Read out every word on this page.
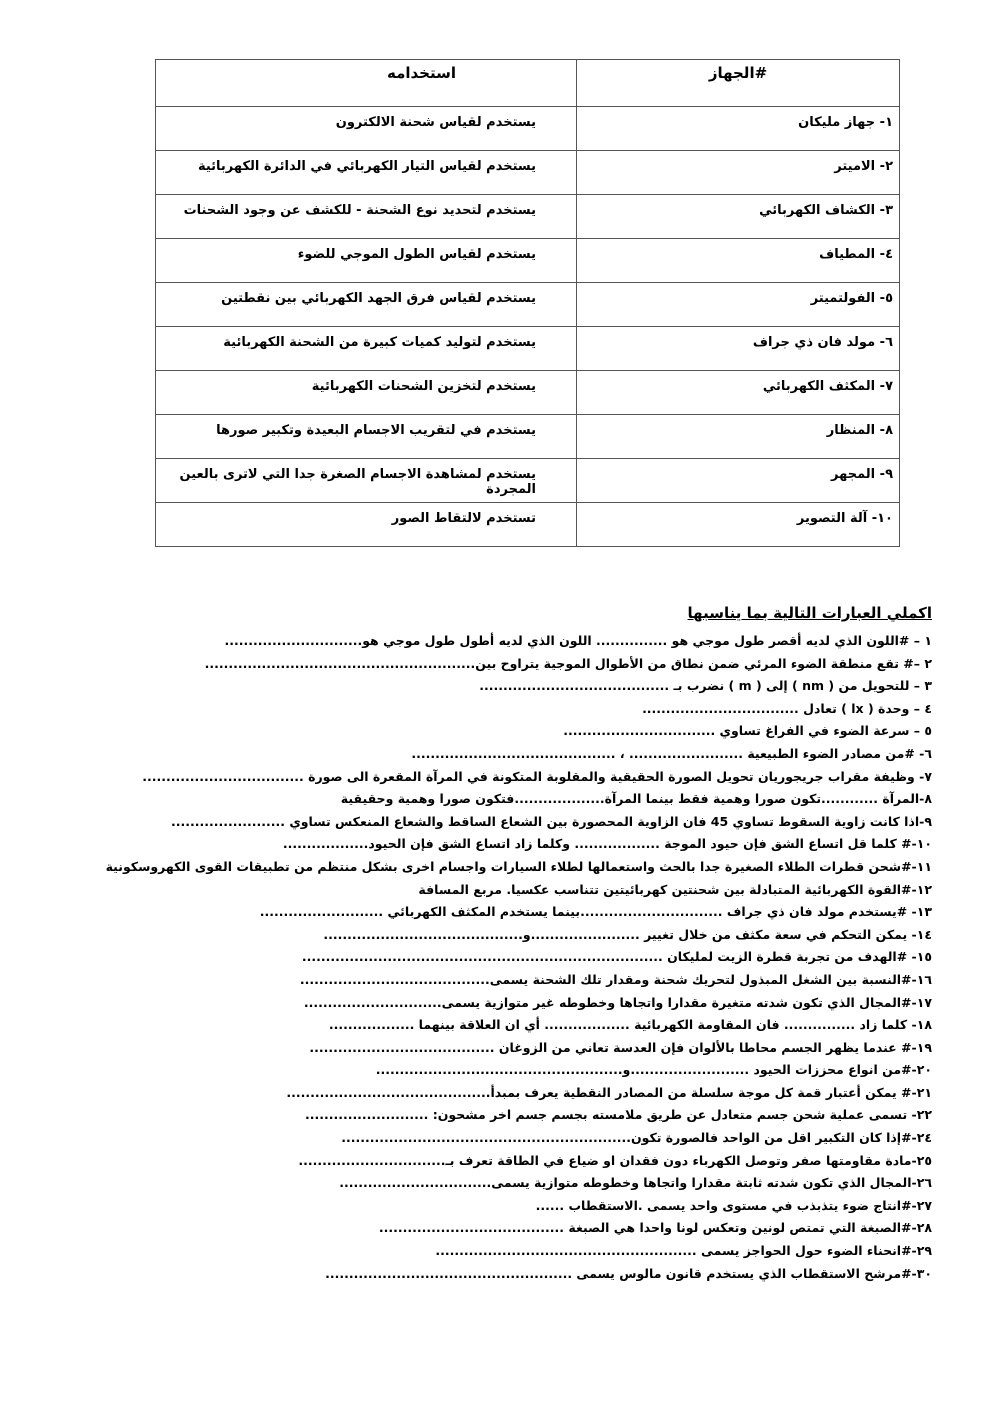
#الجهاز	استخدامه
١- جهاز مليكان	يستخدم لقياس شحنة الالكترون
٢- الاميتر	يستخدم لقياس التيار الكهربائي في الدائرة الكهربائية
٣- الكشاف الكهربائي	يستخدم لتحديد نوع الشحنة - للكشف عن وجود الشحنات
٤- المطياف	يستخدم لقياس الطول الموجي للضوء
٥- الفولتميتر	يستخدم لقياس فرق الجهد الكهربائي بين نقطتين
٦- مولد فان ذي جراف	يستخدم لتوليد كميات كبيرة من الشحنة الكهربائية
٧- المكثف الكهربائي	يستخدم لتخزين الشحنات الكهربائية
٨- المنظار	يستخدم في لتقريب الاجسام البعيدة وتكبير صورها
٩- المجهر	يستخدم لمشاهدة الاجسام الصغرة جدا التي لاترى بالعين المجردة
١٠- آلة التصوير	تستخدم لالتقاط الصور
اكملي العبارات التالية بما يناسبها
١ – #اللون الذي لديه أقصر طول موجي هو ............... اللون الذي لديه أطول طول موجي هو.............................
٢ –# تقع منطقة الضوء المرئي ضمن نطاق من الأطوال الموجية يتراوح بين.........................................................
٣ – للتحويل من ( nm ) إلى ( m ) نضرب بـ ........................................
٤ – وحدة ( lx ) تعادل .................................
٥ – سرعة الضوء في الفراغ تساوي ................................
٦- #من مصادر الضوء الطبيعية ........................ ، ...........................................
٧- وظيفة مقراب جريجوريان تحويل الصورة الحقيقية والمقلوبة المتكونة في المرآة المقعرة الى صورة ..................................
٨-المرآة ............تكون صورا وهمية فقط بينما المرآة...................فتكون صورا وهمية وحقيقية
٩-اذا كانت زاوية السقوط تساوي 45 فان الزاوية المحصورة بين الشعاع الساقط والشعاع المنعكس تساوي ........................
١٠-# كلما قل اتساع الشق فإن حيود الموجة .................. وكلما زاد اتساع الشق فإن الحيود..................
١١-#شحن قطرات الطلاء الصغيرة جدا بالحث واستعمالها لطلاء السيارات واجسام اخرى بشكل منتظم من تطبيقات القوى الكهروسكونية
١٢-#القوة الكهربائية المتبادلة بين شحنتين كهربائيتين تتناسب عكسيا. مربع المسافة
١٣- #يستخدم مولد فان ذي جراف ..............................بينما يستخدم المكثف الكهربائي ..........................
١٤- يمكن التحكم في سعة مكثف من خلال تغيير .......................و..........................................
١٥- #الهدف من تجربة قطرة الزيت لمليكان ............................................................................
١٦-#النسبة بين الشغل المبذول لتحريك شحنة ومقدار تلك الشحنة يسمى........................................
١٧-#المجال الذي تكون شدته متغيرة مقدارا واتجاها وخطوطه غير متوازية يسمى.............................
١٨- كلما زاد ............... فان المقاومة الكهربائية .................. أي ان العلاقة بينهما ..................
١٩-# عندما يظهر الجسم محاطا بالألوان فإن العدسة تعاني من الزوغان .......................................
٢٠-#من انواع محززات الحيود .........................و....................................................
٢١-# يمكن أعتبار قمة كل موجة سلسلة من المصادر النقطية يعرف بمبدأ...........................................
٢٢- تسمى عملية شحن جسم متعادل عن طريق ملامسته بجسم جسم اخر مشحون: ..........................
٢٤-#إذا كان التكبير اقل من الواحد فالصورة تكون.............................................................
٢٥-مادة مقاومتها صفر وتوصل الكهرباء دون فقدان او ضياع في الطاقة تعرف بـ...............................
٢٦-المجال الذي تكون شدته ثابتة مقدارا واتجاها وخطوطه متوازية يسمى................................
٢٧-#انتاج ضوء يتذبذب في مستوى واحد يسمى .الاستقطاب ......
٢٨-#الصبغة التي تمتص لونين وتعكس لونا واحدا هي الصبغة .......................................
٢٩-#انحناء الضوء حول الحواجز يسمى .......................................................
٣٠-#مرشح الاستقطاب الذي يستخدم قانون مالوس يسمى ....................................................
